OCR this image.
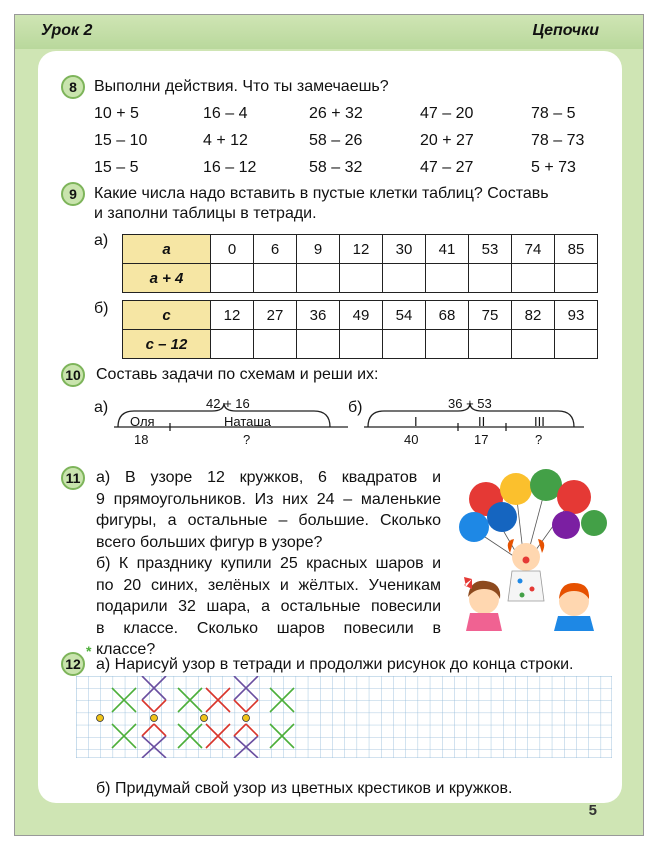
Урок 2	Цепочки
8	Выполни действия. Что ты замечаешь?
10 + 5	16 – 4	26 + 32	47 – 20	78 – 5
15 – 10	4 + 12	58 – 26	20 + 27	78 – 73
15 – 5	16 – 12	58 – 32	47 – 27	5 + 73
9	Какие числа надо вставить в пустые клетки таблиц? Составь
и заполни таблицы в тетради.
а)	a	0	6	9	12	30	41	53	74	85
a + 4									
б)	c	12	27	36	49	54	68	75	82	93
c – 12									
10 Составь задачи по схемам и реши их:
а)	42 + 16
Оля	Наташа
18	?
б)	36 + 53
I	II	III
40	17	?
11 а) В узоре 12 кружков, 6 квадратов и
9 прямоугольников. Из них 24 – маленькие
фигуры, а остальные – большие. Сколько
всего больших фигур в узоре?
б) К празднику купили 25 красных шаров и
по 20 синих, зелёных и жёлтых. Ученикам
подарили 32 шара, а остальные повесили
в классе. Сколько шаров повесили в
классе?
12
*
а) Нарисуй узор в тетради и продолжи рисунок до конца строки.
б) Придумай свой узор из цветных крестиков и кружков.
5
